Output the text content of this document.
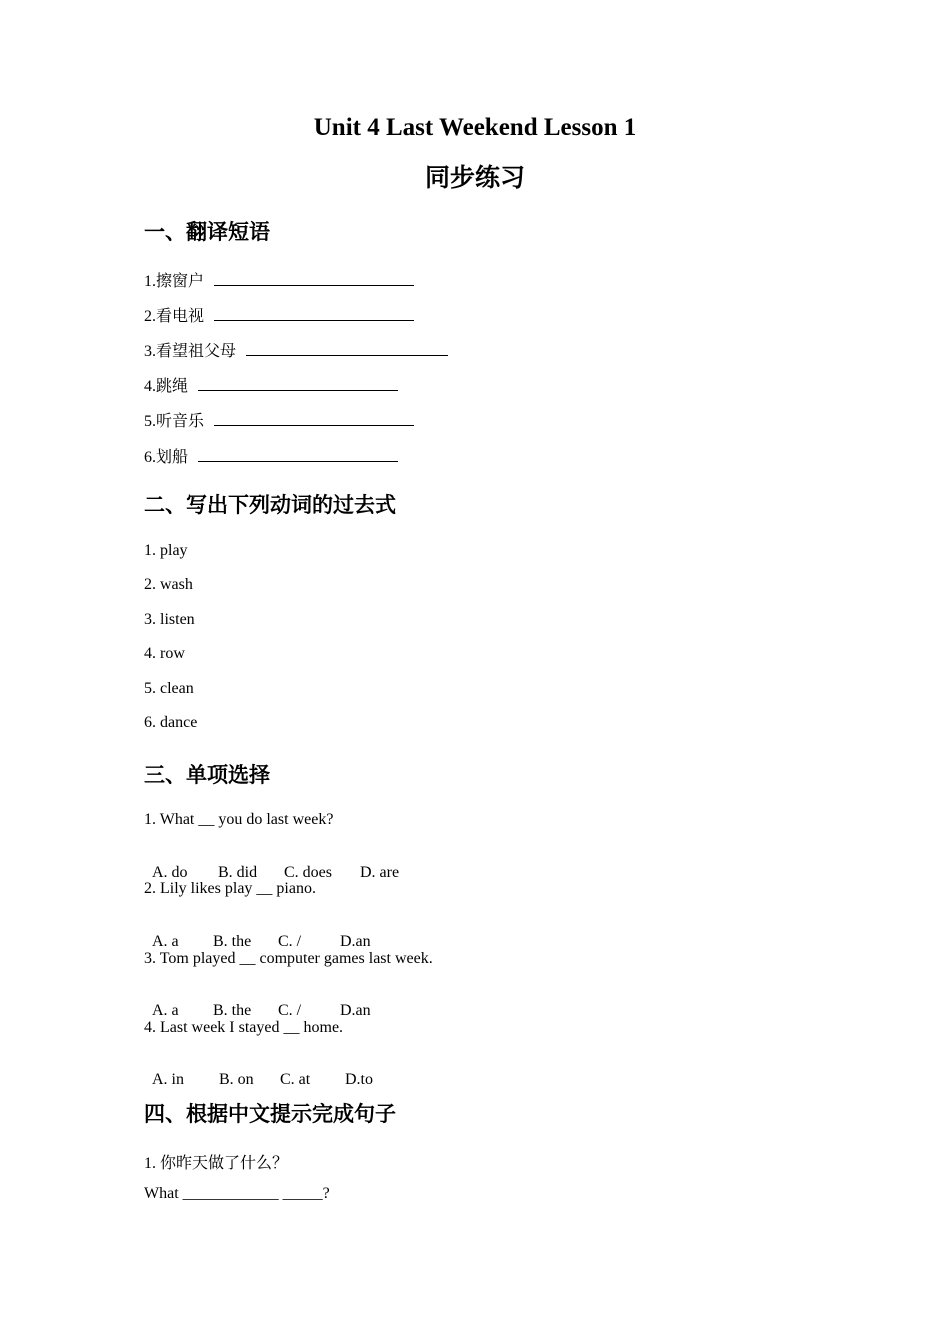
Unit 4 Last Weekend Lesson 1
同步练习
一、翻译短语
1.擦窗户
2.看电视
3.看望祖父母
4.跳绳
5.听音乐
6.划船
二、写出下列动词的过去式
1. play
2. wash
3. listen
4. row
5. clean
6. dance
三、单项选择
1. What __ you do last week?

A. do B. did C. does D. are

2. Lily likes play __ piano.

A. a B. the C. / D.an

3. Tom played __ computer games last week.

A. a B. the C. / D.an

4. Last week I stayed __ home.

A. in B. on C. at D.to

四、根据中文提示完成句子
1. 你昨天做了什么？
What ____________ _____?
